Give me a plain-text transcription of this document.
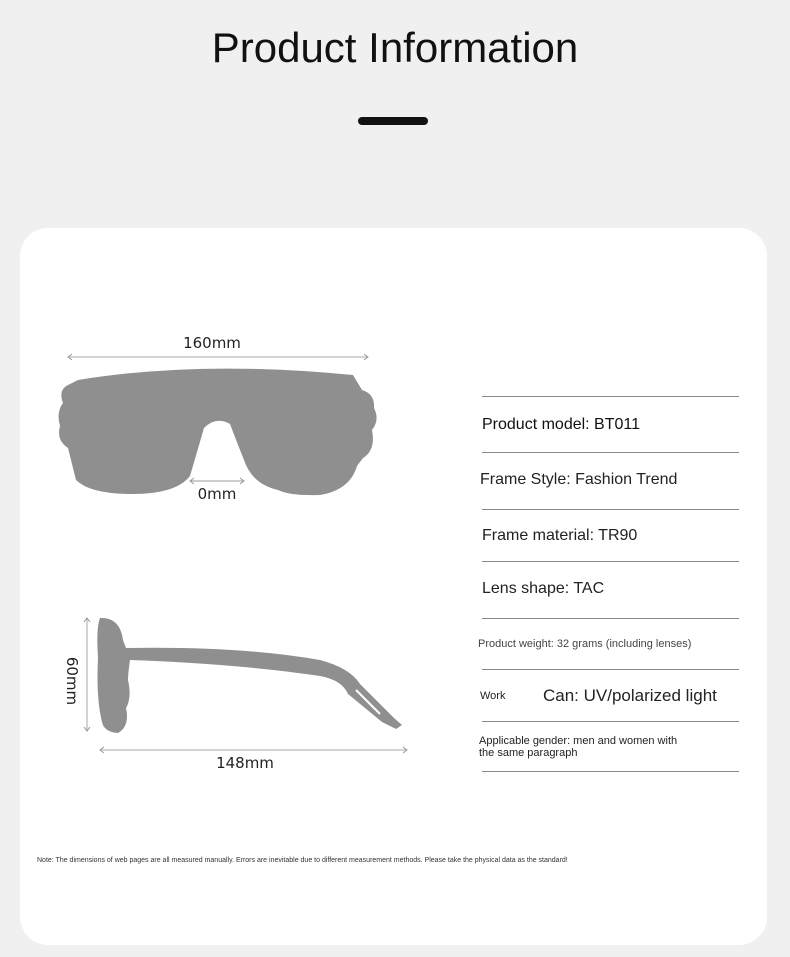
Product Information
160mm
0mm
60mm
148mm
Product model: BT011
Frame Style: Fashion Trend
Frame material: TR90
Lens shape: TAC
Product weight: 32 grams (including lenses)
Work	Can: UV/polarized light
Applicable gender: men and women with
the same paragraph
Note: The dimensions of web pages are all measured manually. Errors are inevitable due to different measurement methods. Please take the physical data as the standard!
